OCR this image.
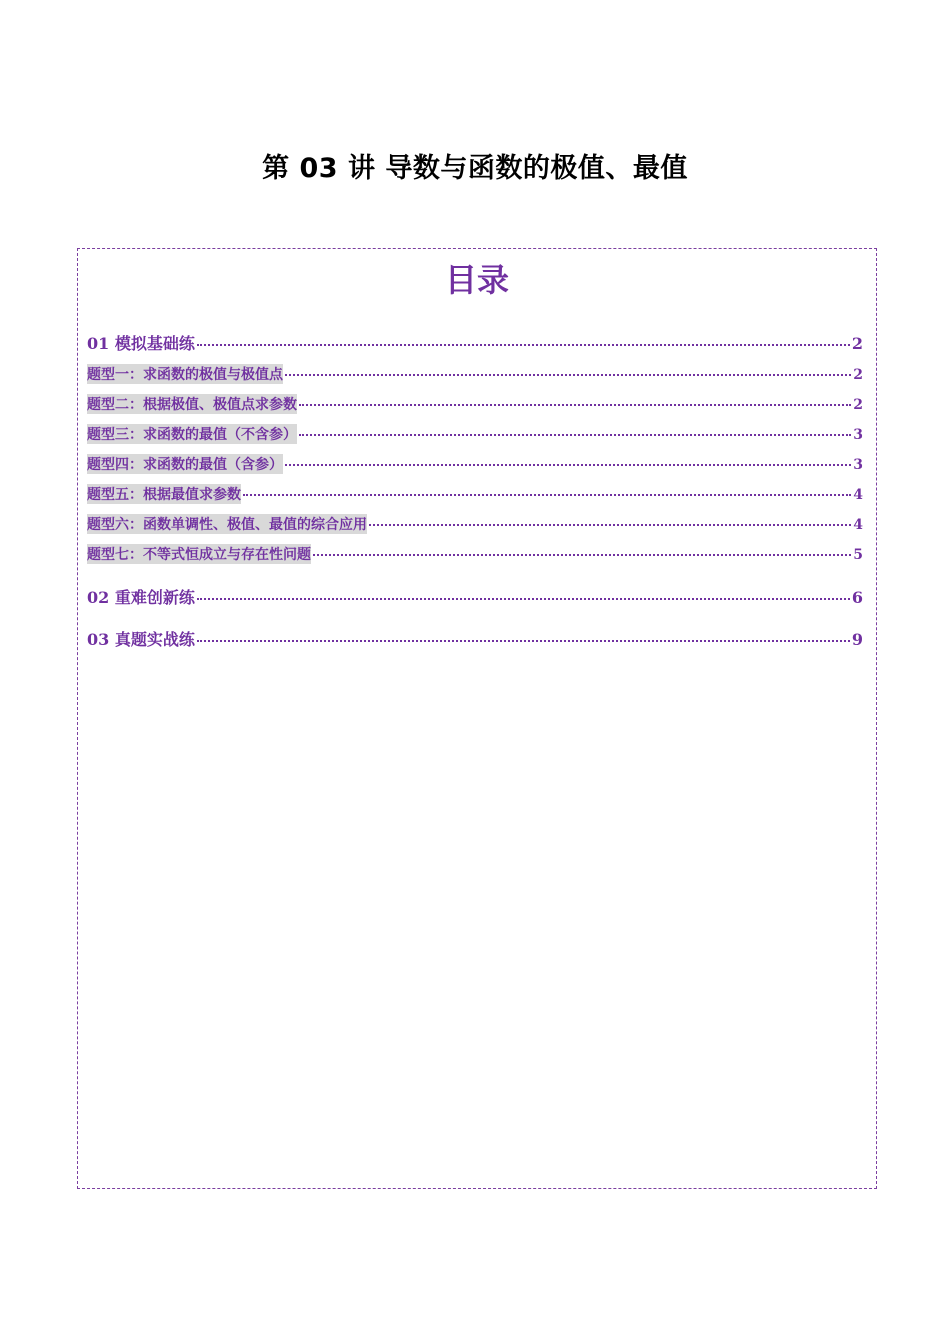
第 03 讲 导数与函数的极值、最值
目录
01 模拟基础练	2
题型一：求函数的极值与极值点	2
题型二：根据极值、极值点求参数	2
题型三：求函数的最值（不含参）	3
题型四：求函数的最值（含参）	3
题型五：根据最值求参数	4
题型六：函数单调性、极值、最值的综合应用	4
题型七：不等式恒成立与存在性问题	5
02 重难创新练	6
03 真题实战练	9
